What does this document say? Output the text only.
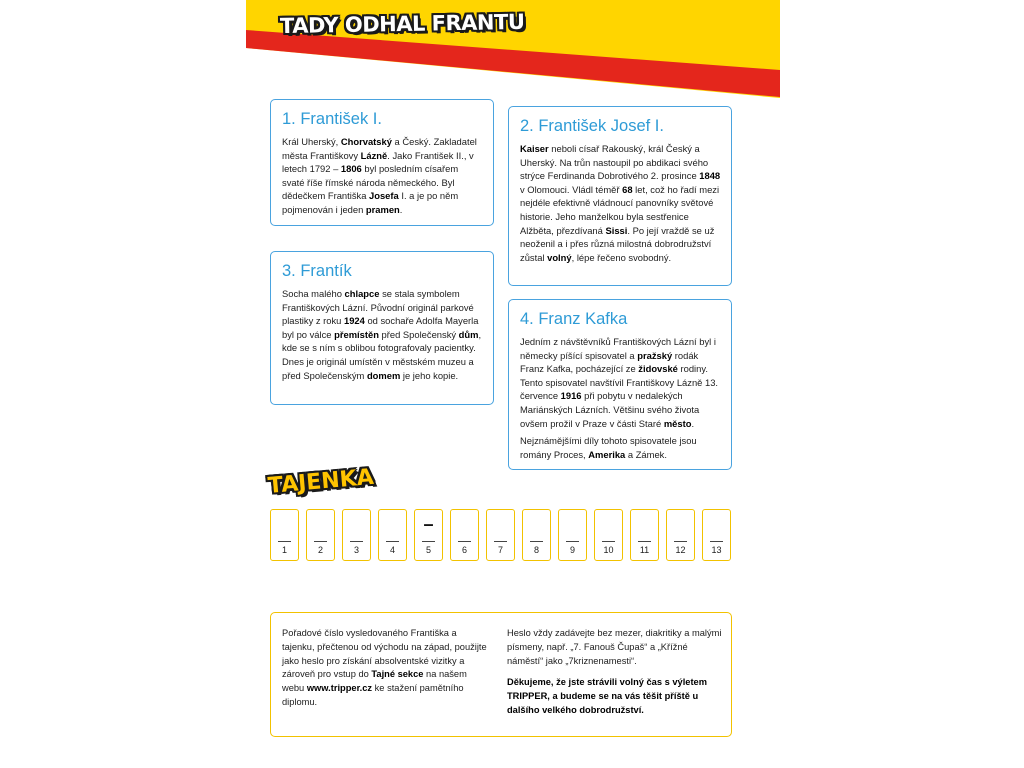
TADY ODHAL FRANTU
1. František I.

Král Uherský, Chorvatský a Český. Zakladatel města Františkovy Lázně. Jako František II., v letech 1792 – 1806 byl posledním císařem svaté říše římské národa německého. Byl dědečkem Františka Josefa I. a je po něm pojmenován i jeden pramen.

2. František Josef I.

Kaiser neboli císař Rakouský, král Český a Uherský. Na trůn nastoupil po abdikaci svého strýce Ferdinanda Dobrotivého 2. prosince 1848 v Olomouci. Vládl téměř 68 let, což ho řadí mezi nejdéle efektivně vládnoucí panovníky světové historie. Jeho manželkou byla sestřenice Alžběta, přezdívaná Sissi. Po její vraždě se už neoženil a i přes různá milostná dobrodružství zůstal volný, lépe řečeno svobodný.

3. Frantík

Socha malého chlapce se stala symbolem Františkových Lázní. Původní originál parkové plastiky z roku 1924 od sochaře Adolfa Mayerla byl po válce přemístěn před Společenský dům, kde se s ním s oblibou fotografovaly pacientky. Dnes je originál umístěn v městském muzeu a před Společenským domem je jeho kopie.

4. Franz Kafka

Jedním z návštěvníků Františkových Lázní byl i německy píšící spisovatel a pražský rodák Franz Kafka, pocházející ze židovské rodiny. Tento spisovatel navštívil Františkovy Lázně 13. července 1916 při pobytu v nedalekých Mariánských Lázních. Většinu svého života ovšem prožil v Praze v části Staré město.

Nejznámějšími díly tohoto spisovatele jsou romány Proces, Amerika a Zámek.

TAJENKA
1	2	3	4
–
5	6	7	8	9	10	11	12	13

Pořadové číslo vysledovaného Františka a tajenku, přečtenou od východu na západ, použijte jako heslo pro získání absolventské vizitky a zároveň pro vstup do Tajné sekce na našem webu www.tripper.cz ke stažení pamětního diplomu.

Heslo vždy zadávejte bez mezer, diakritiky a malými písmeny, např. „7. Fanouš Čupaš“ a „Křížné náměstí“ jako „7kriznenamesti“.

Děkujeme, že jste strávili volný čas s výletem TRIPPER, a budeme se na vás těšit příště u dalšího velkého dobrodružství.
